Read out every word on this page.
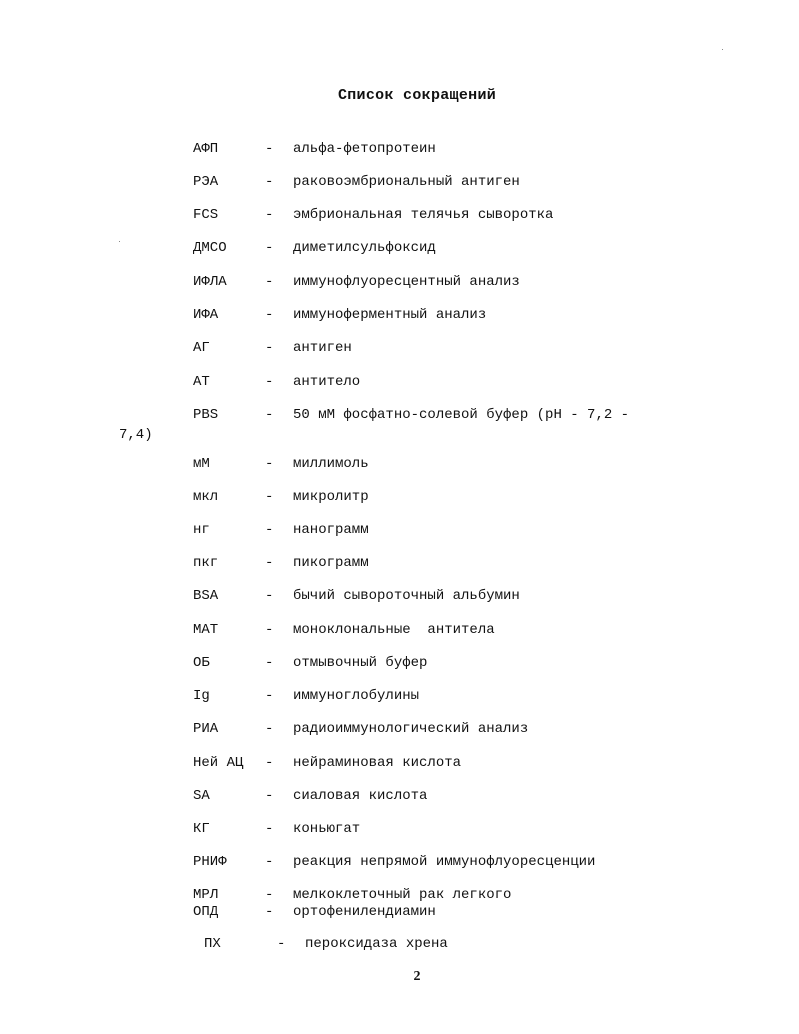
Список сокращений
АФП	- альфа-фетопротеин
РЭА	- раковоэмбриональный антиген
FCS	- эмбриональная телячья сыворотка
ДМСО	- диметилсульфоксид
ИФЛА	- иммунофлуоресцентный анализ
ИФА	- иммуноферментный анализ
АГ	- антиген
АТ	- антитело
PBS	- 50 мМ фосфатно-солевой буфер (pH - 7,2 -
7,4)
мМ	- миллимоль
мкл	- микролитр
нг	- нанограмм
пкг	- пикограмм
BSA	- бычий сывороточный альбумин
МАТ	- моноклональные  антитела
ОБ	- отмывочный буфер
Ig	- иммуноглобулины
РИА	- радиоиммунологический анализ
Ней АЦ - нейраминовая кислота
SA	- сиаловая кислота
КГ	- коньюгат
РНИФ	- реакция непрямой иммунофлуоресценции
МРЛ	- мелкоклеточный рак легкого
ОПД	- ортофенилендиамин
ПХ	- пероксидаза хрена
2
